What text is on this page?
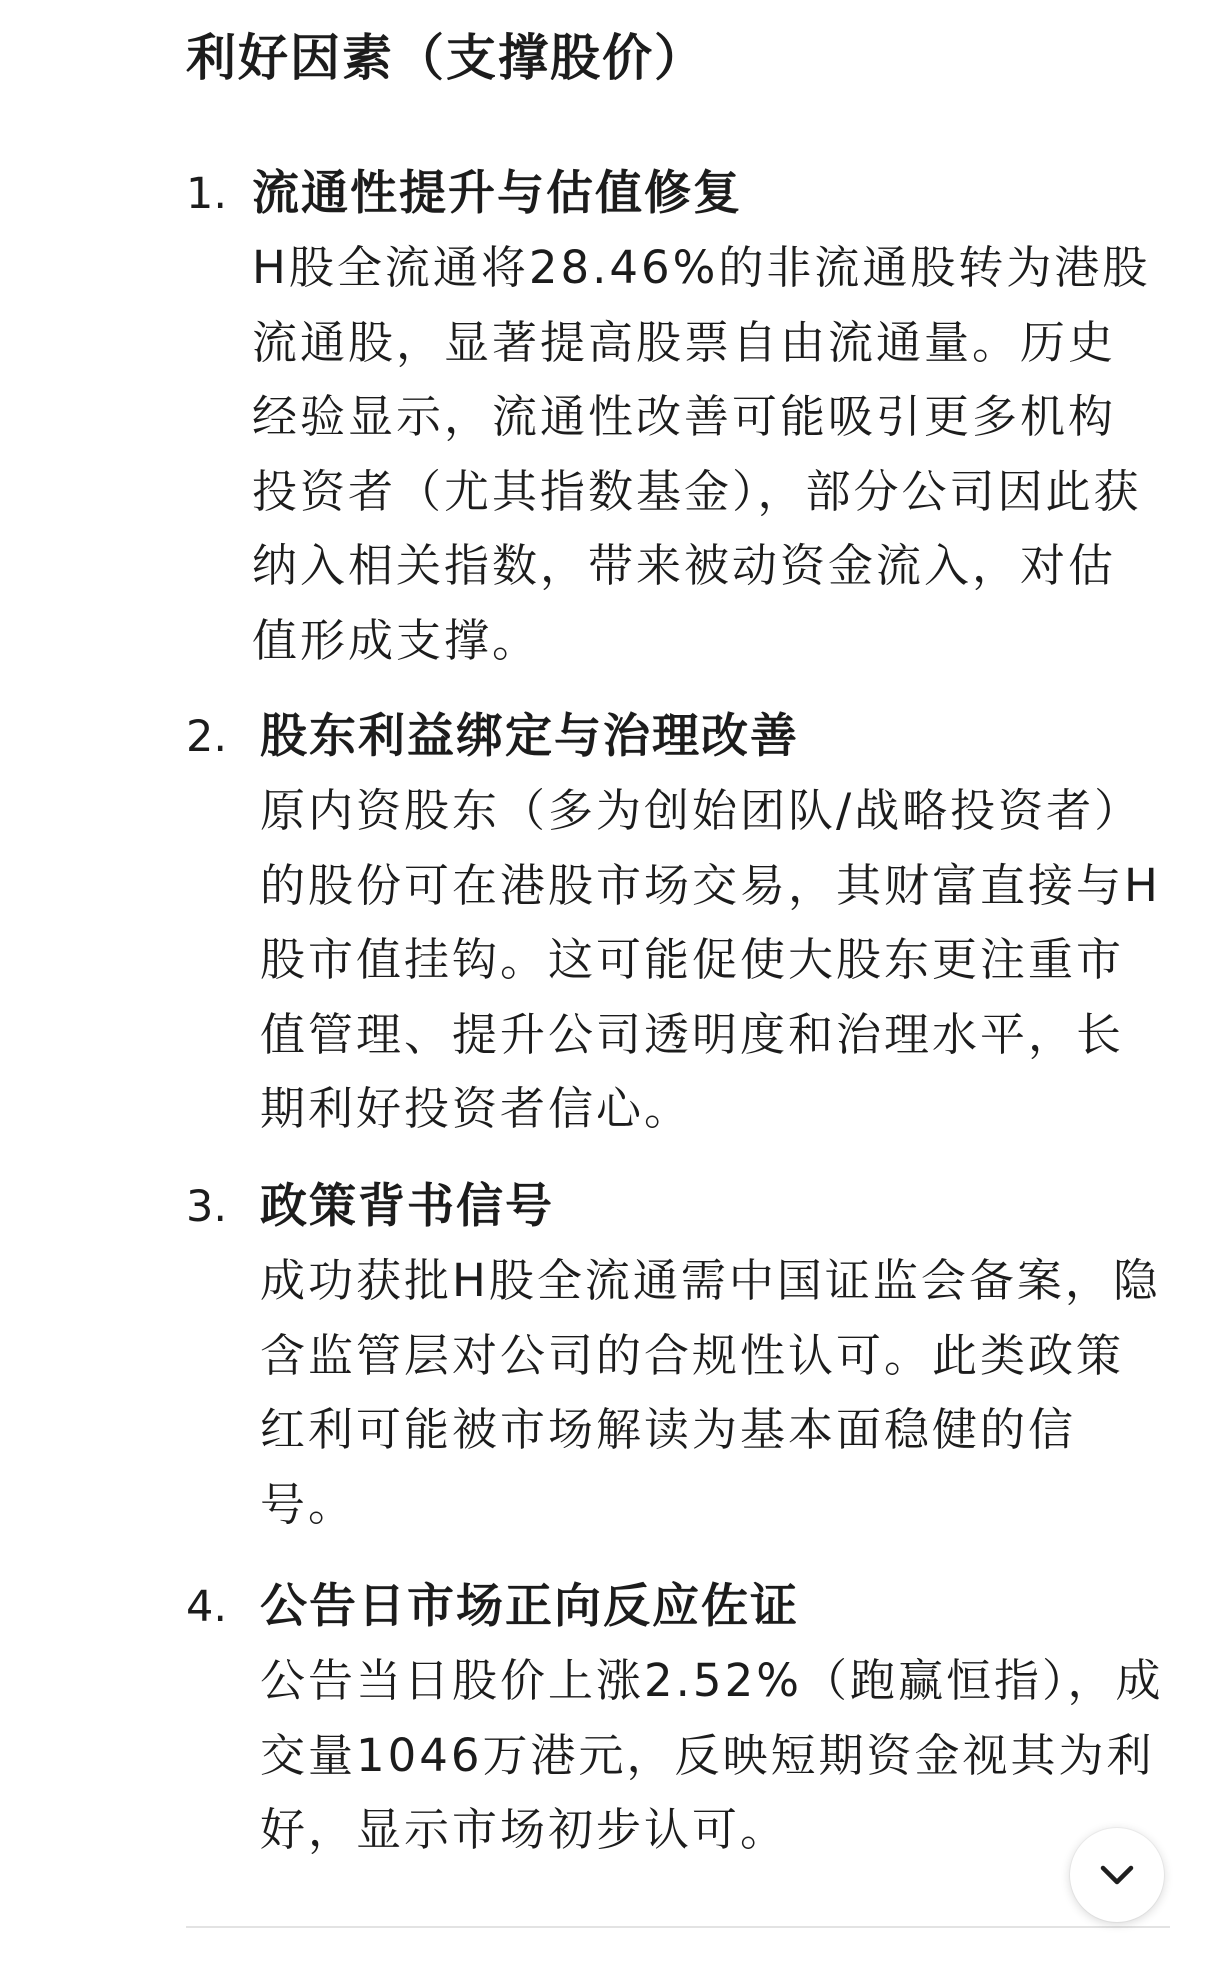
利好因素（支撑股价）
1. 流通性提升与估值修复

H股全流通将28.46%的非流通股转为港股流通股，显著提高股票自由流通量。历史经验显示，流通性改善可能吸引更多机构投资者（尤其指数基金），部分公司因此获纳入相关指数，带来被动资金流入，对估值形成支撑。

2. 股东利益绑定与治理改善

原内资股东（多为创始团队/战略投资者）的股份可在港股市场交易，其财富直接与H股市值挂钩。这可能促使大股东更注重市值管理、提升公司透明度和治理水平，长期利好投资者信心。

3. 政策背书信号

成功获批H股全流通需中国证监会备案，隐含监管层对公司的合规性认可。此类政策红利可能被市场解读为基本面稳健的信号。

4. 公告日市场正向反应佐证

公告当日股价上涨2.52%（跑赢恒指），成交量1046万港元，反映短期资金视其为利好，显示市场初步认可。
